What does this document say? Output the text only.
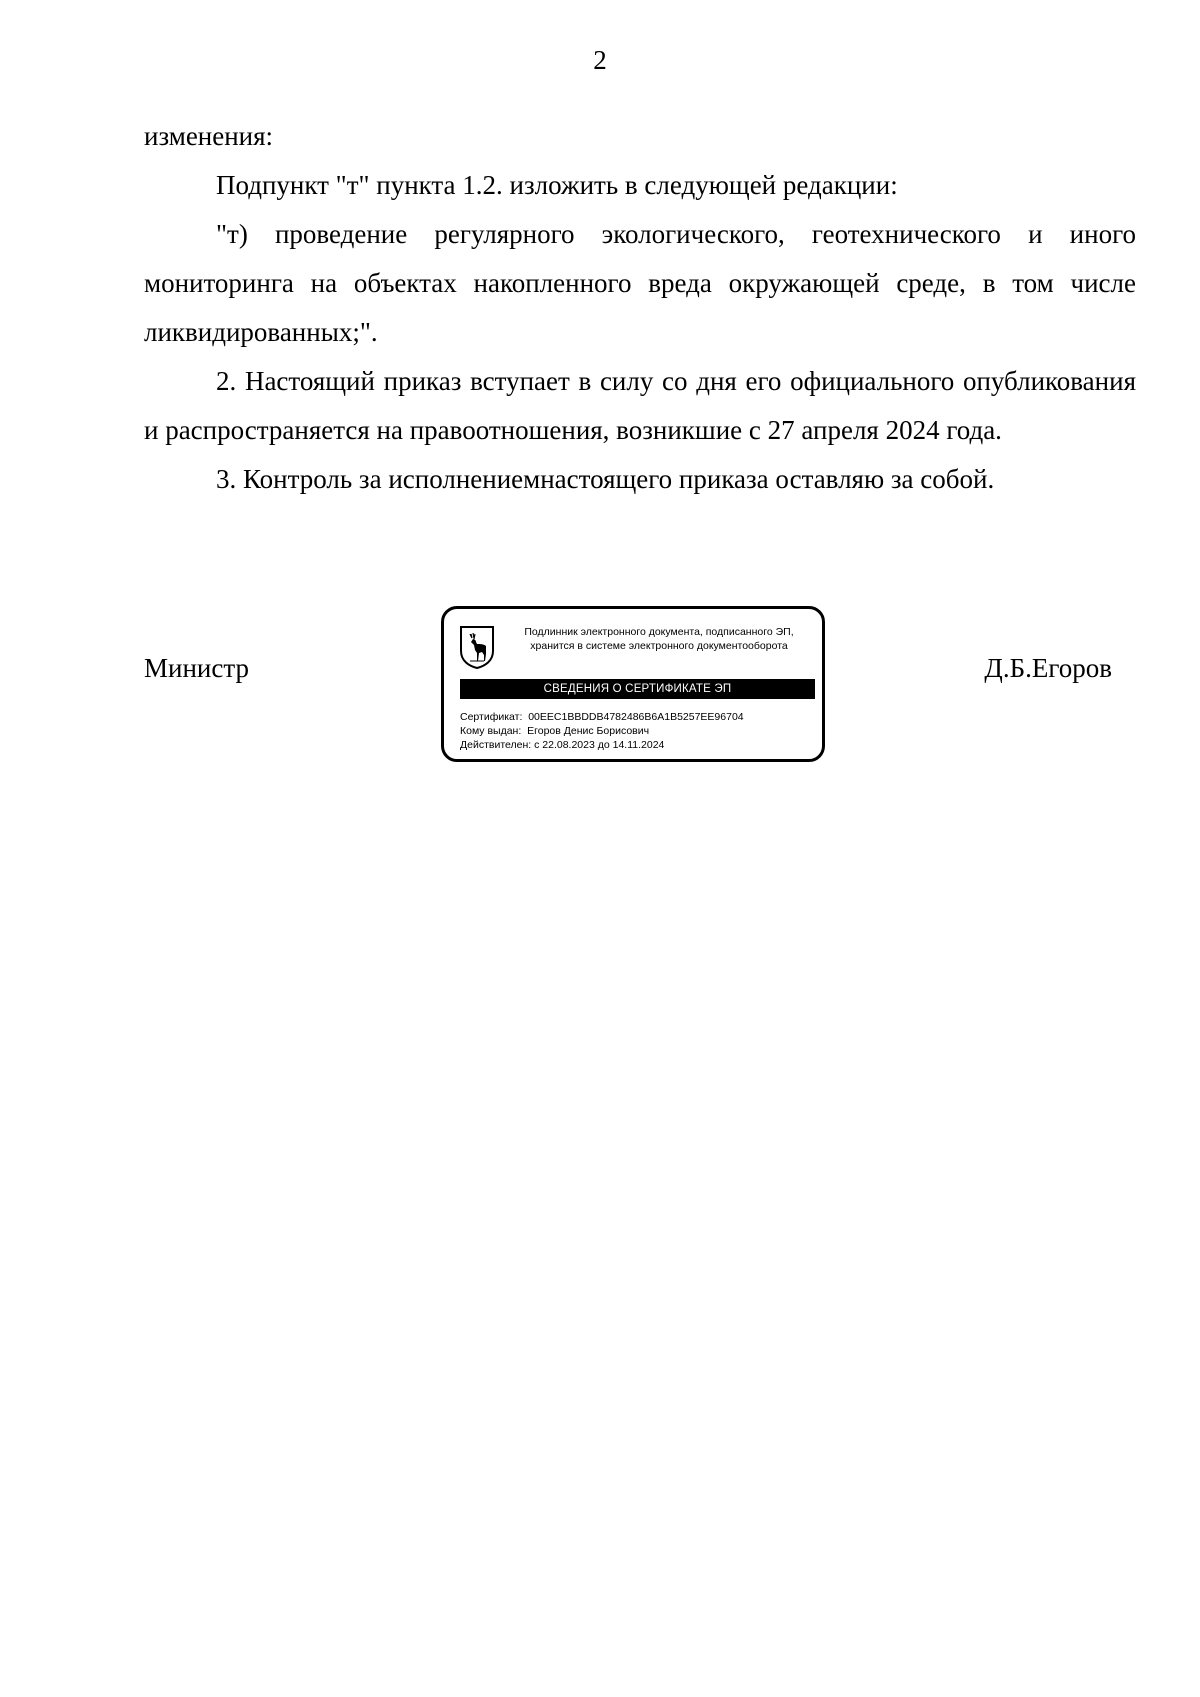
2

изменения:

Подпункт "т" пункта 1.2. изложить в следующей редакции:

"т) проведение регулярного экологического, геотехнического и иного мониторинга на объектах накопленного вреда окружающей среде, в том числе ликвидированных;".

2. Настоящий приказ вступает в силу со дня его официального опубликования и распространяется на правоотношения, возникшие с 27 апреля 2024 года.

3. Контроль за исполнениемнастоящего приказа оставляю за собой.

Министр
Подлинник электронного документа, подписанного ЭП,
хранится в системе электронного документооборота
СВЕДЕНИЯ О СЕРТИФИКАТЕ ЭП
Сертификат: 00EEC1BBDDB4782486B6A1B5257EE96704
Кому выдан: Егоров Денис Борисович
Действителен: с 22.08.2023 до 14.11.2024
Д.Б.Егоров
